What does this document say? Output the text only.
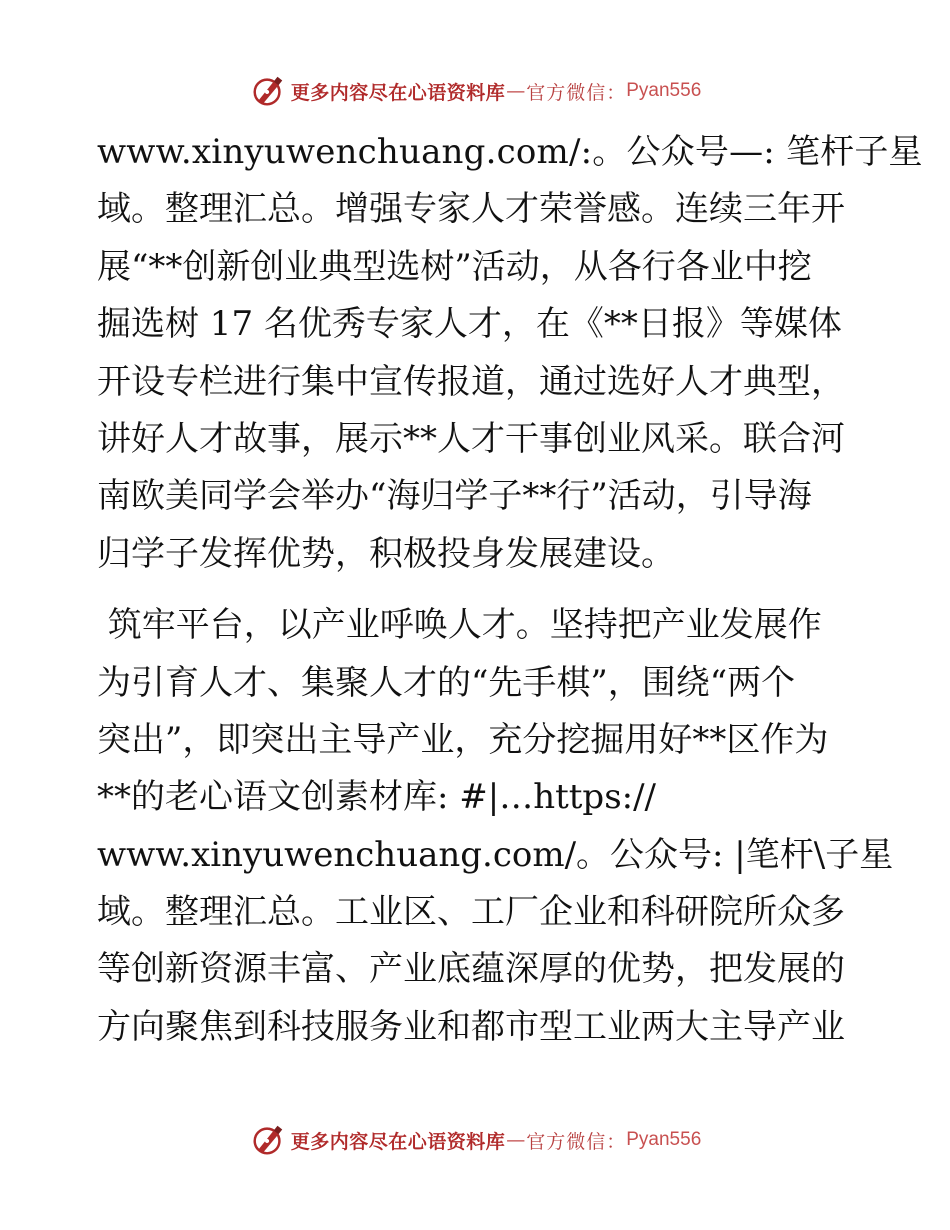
更多内容尽在心语资料库 — 官方微信： Pyan556
www.xinyuwenchuang.com/:。公众号—: 笔杆子星
域。整理汇总。增强专家人才荣誉感。连续三年开
展“**创新创业典型选树”活动，从各行各业中挖
掘选树 17 名优秀专家人才，在《**日报》等媒体
开设专栏进行集中宣传报道，通过选好人才典型，
讲好人才故事，展示**人才干事创业风采。联合河
南欧美同学会举办“海归学子**行”活动，引导海
归学子发挥优势，积极投身发展建设。
筑牢平台，以产业呼唤人才。坚持把产业发展作
为引育人才、集聚人才的“先手棋”，围绕“两个
突出”，即突出主导产业，充分挖掘用好**区作为
**的老心语文创素材库: #|…https://
www.xinyuwenchuang.com/。公众号: |笔杆\子星
域。整理汇总。工业区、工厂企业和科研院所众多
等创新资源丰富、产业底蕴深厚的优势，把发展的
方向聚焦到科技服务业和都市型工业两大主导产业
更多内容尽在心语资料库 — 官方微信： Pyan556
